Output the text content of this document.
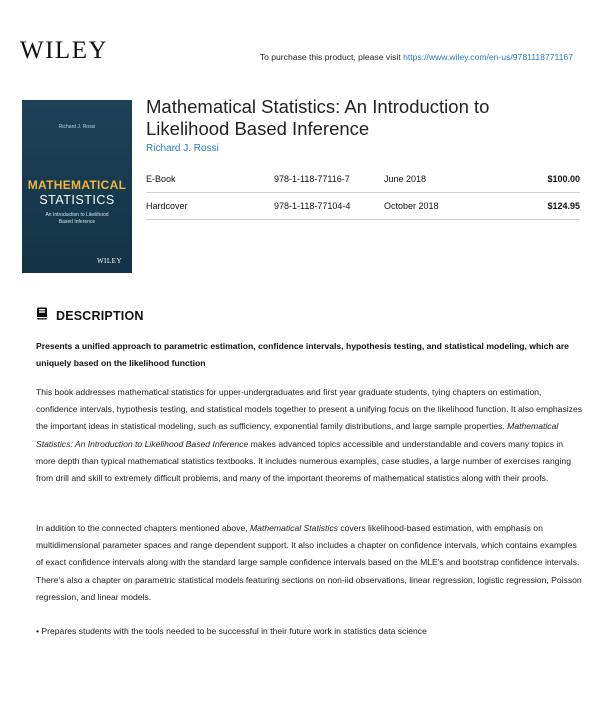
WILEY	To purchase this product, please visit https://www.wiley.com/en-us/9781118771167
Richard J. Rossi
MATHEMATICAL
STATISTICS
An Introduction to Likelihood
Based Inference
WILEY
Mathematical Statistics: An Introduction to Likelihood Based Inference
Richard J. Rossi
E-Book	978-1-118-77116-7	June 2018	$100.00
Hardcover	978-1-118-77104-4	October 2018	$124.95
DESCRIPTION
Presents a unified approach to parametric estimation, confidence intervals, hypothesis testing, and statistical modeling, which are uniquely based on the likelihood function
This book addresses mathematical statistics for upper-undergraduates and first year graduate students, tying chapters on estimation, confidence intervals, hypothesis testing, and statistical models together to present a unifying focus on the likelihood function. It also emphasizes the important ideas in statistical modeling, such as sufficiency, exponential family distributions, and large sample properties. Mathematical Statistics: An Introduction to Likelihood Based Inference makes advanced topics accessible and understandable and covers many topics in more depth than typical mathematical statistics textbooks. It includes numerous examples, case studies, a large number of exercises ranging from drill and skill to extremely difficult problems, and many of the important theorems of mathematical statistics along with their proofs.
In addition to the connected chapters mentioned above, Mathematical Statistics covers likelihood-based estimation, with emphasis on multidimensional parameter spaces and range dependent support. It also includes a chapter on confidence intervals, which contains examples of exact confidence intervals along with the standard large sample confidence intervals based on the MLE's and bootstrap confidence intervals. There's also a chapter on parametric statistical models featuring sections on non-iid observations, linear regression, logistic regression, Poisson regression, and linear models.
• Prepares students with the tools needed to be successful in their future work in statistics data science
